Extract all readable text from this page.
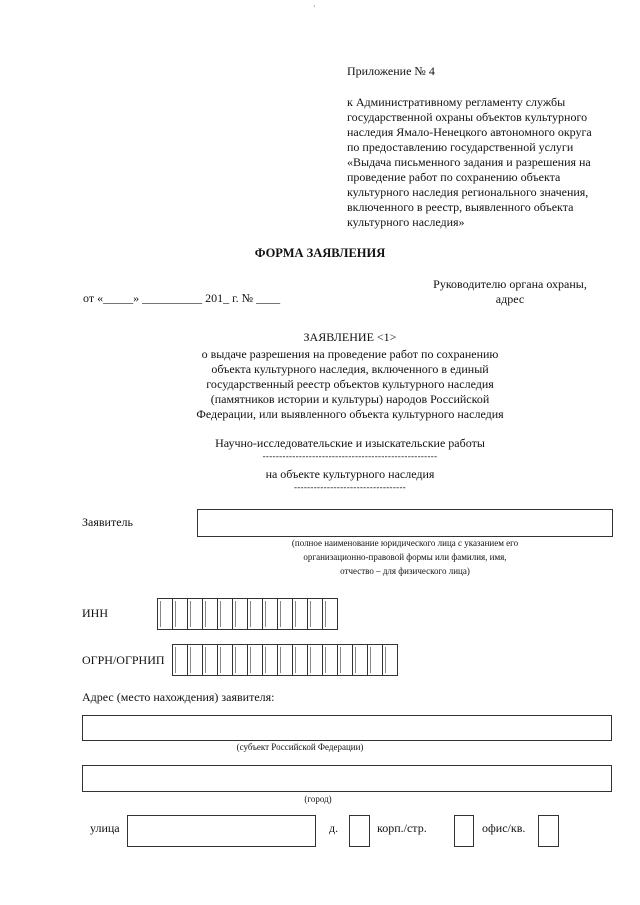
·
Приложение № 4
к Административному регламенту службы
государственной охраны объектов культурного
наследия Ямало-Ненецкого автономного округа
по предоставлению государственной услуги
«Выдача письменного задания и разрешения на
проведение работ по сохранению объекта
культурного наследия регионального значения,
включенного в реестр, выявленного объекта
культурного наследия»
ФОРМА ЗАЯВЛЕНИЯ
Руководителю органа охраны,
адрес
от «_____» __________ 201_ г. № ____
ЗАЯВЛЕНИЕ <1>
о выдаче разрешения на проведение работ по сохранению
объекта культурного наследия, включенного в единый
государственный реестр объектов культурного наследия
(памятников истории и культуры) народов Российской
Федерации, или выявленного объекта культурного наследия
Научно-исследовательские и изыскательские работы
-----------------------------------------------------
на объекте культурного наследия
----------------------------------
Заявитель
(полное наименование юридического лица с указанием его
организационно-правовой формы или фамилия, имя,
отчество – для физического лица)
ИНН
ОГРН/ОГРНИП
Адрес (место нахождения) заявителя:
(субъект Российской Федерации)
(город)
улица	д.	корп./стр.	офис/кв.
